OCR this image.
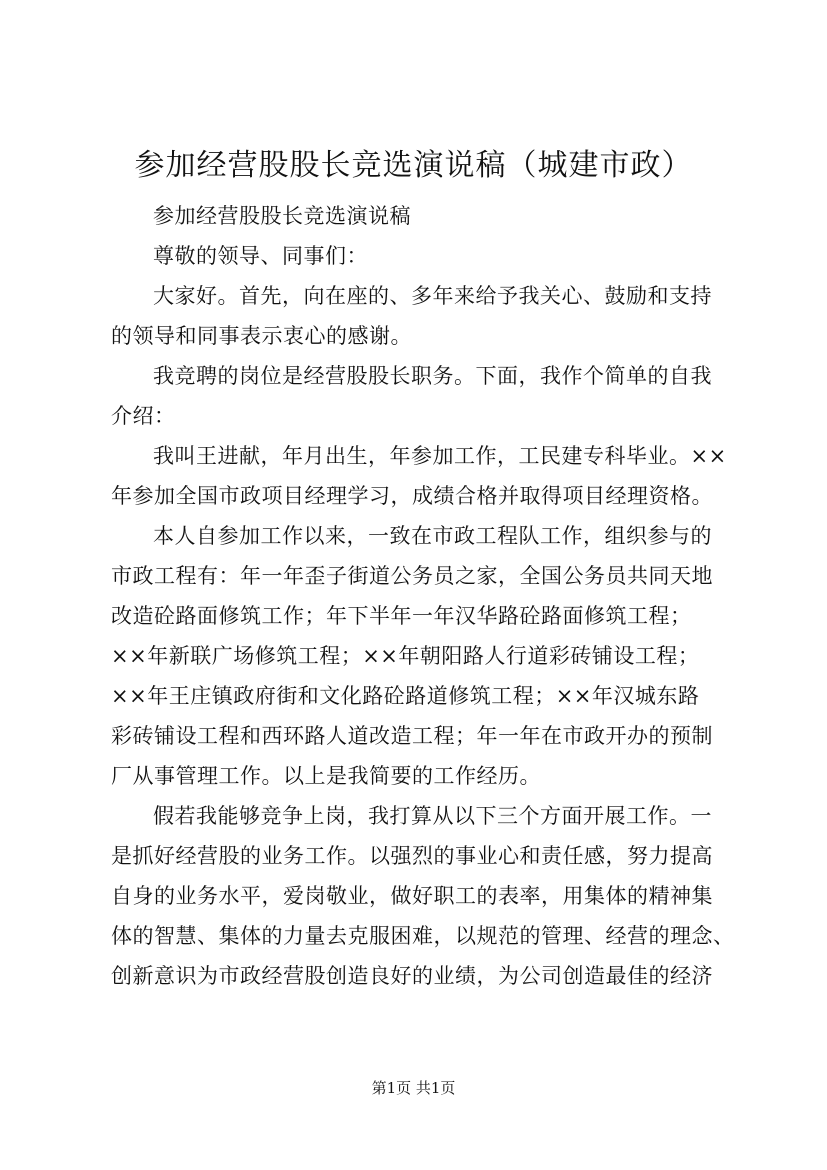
参加经营股股长竞选演说稿（城建市政）
参加经营股股长竞选演说稿
尊敬的领导、同事们：
大家好。首先，向在座的、多年来给予我关心、鼓励和支持
的领导和同事表示衷心的感谢。
我竞聘的岗位是经营股股长职务。下面，我作个简单的自我
介绍：
我叫王进献，年月出生，年参加工作，工民建专科毕业。××
年参加全国市政项目经理学习，成绩合格并取得项目经理资格。
本人自参加工作以来，一致在市政工程队工作，组织参与的
市政工程有：年一年歪子街道公务员之家，全国公务员共同天地
改造砼路面修筑工作；年下半年一年汉华路砼路面修筑工程；
××年新联广场修筑工程；××年朝阳路人行道彩砖铺设工程；
××年王庄镇政府街和文化路砼路道修筑工程；××年汉城东路
彩砖铺设工程和西环路人道改造工程；年一年在市政开办的预制
厂从事管理工作。以上是我简要的工作经历。
假若我能够竞争上岗，我打算从以下三个方面开展工作。一
是抓好经营股的业务工作。以强烈的事业心和责任感，努力提高
自身的业务水平，爱岗敬业，做好职工的表率，用集体的精神集
体的智慧、集体的力量去克服困难，以规范的管理、经营的理念、
创新意识为市政经营股创造良好的业绩，为公司创造最佳的经济
第1页 共1页
